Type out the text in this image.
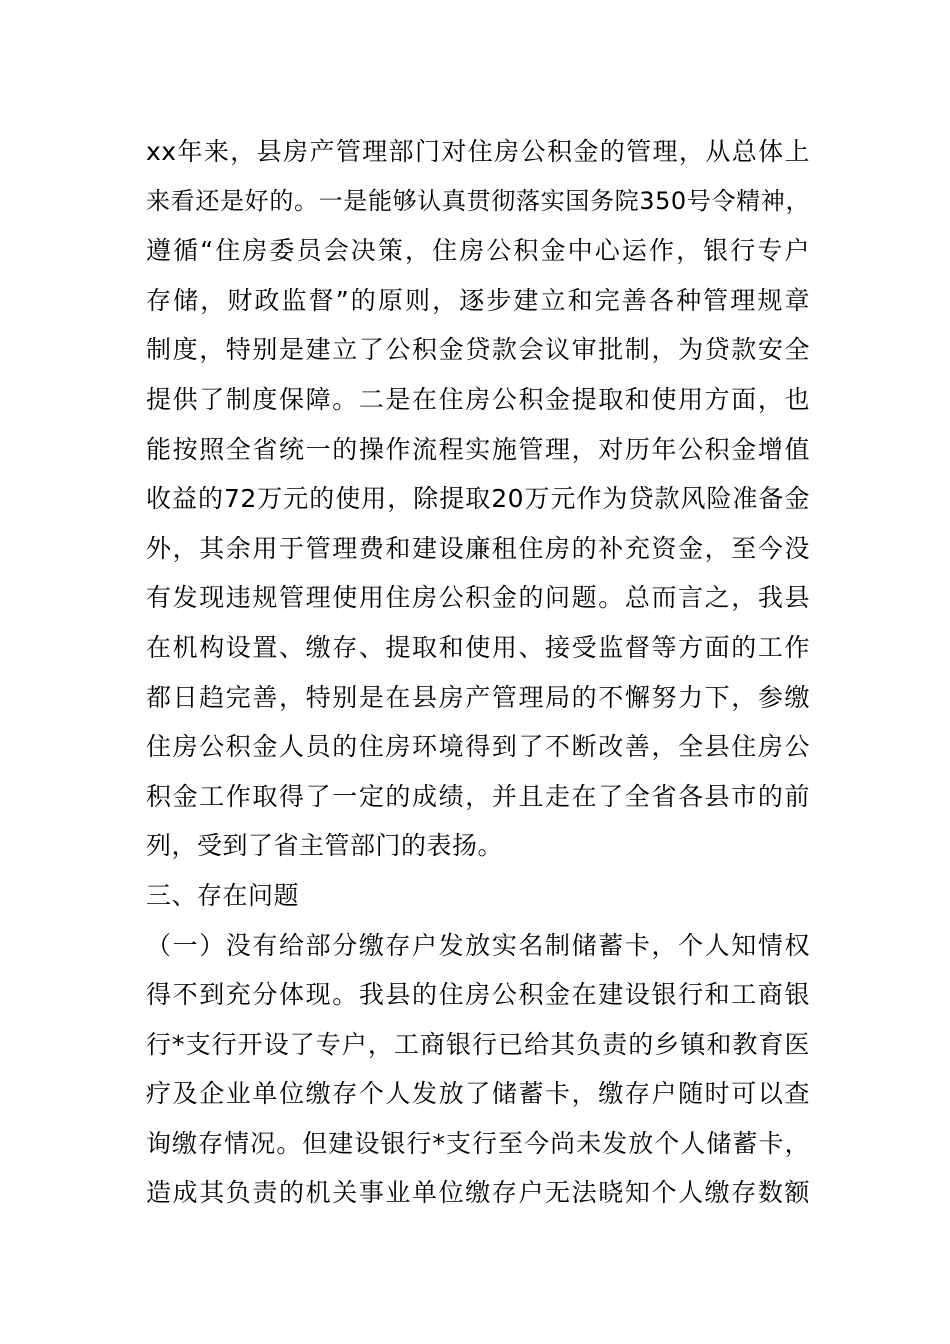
xx年来，县房产管理部门对住房公积金的管理，从总体上
来看还是好的。一是能够认真贯彻落实国务院350号令精神，
遵循“住房委员会决策，住房公积金中心运作，银行专户
存储，财政监督”的原则，逐步建立和完善各种管理规章
制度，特别是建立了公积金贷款会议审批制，为贷款安全
提供了制度保障。二是在住房公积金提取和使用方面，也
能按照全省统一的操作流程实施管理，对历年公积金增值
收益的72万元的使用，除提取20万元作为贷款风险准备金
外，其余用于管理费和建设廉租住房的补充资金，至今没
有发现违规管理使用住房公积金的问题。总而言之，我县
在机构设置、缴存、提取和使用、接受监督等方面的工作
都日趋完善，特别是在县房产管理局的不懈努力下，参缴
住房公积金人员的住房环境得到了不断改善，全县住房公
积金工作取得了一定的成绩，并且走在了全省各县市的前
列，受到了省主管部门的表扬。
三、存在问题
（一）没有给部分缴存户发放实名制储蓄卡，个人知情权
得不到充分体现。我县的住房公积金在建设银行和工商银
行*支行开设了专户，工商银行已给其负责的乡镇和教育医
疗及企业单位缴存个人发放了储蓄卡，缴存户随时可以查
询缴存情况。但建设银行*支行至今尚未发放个人储蓄卡，
造成其负责的机关事业单位缴存户无法晓知个人缴存数额
